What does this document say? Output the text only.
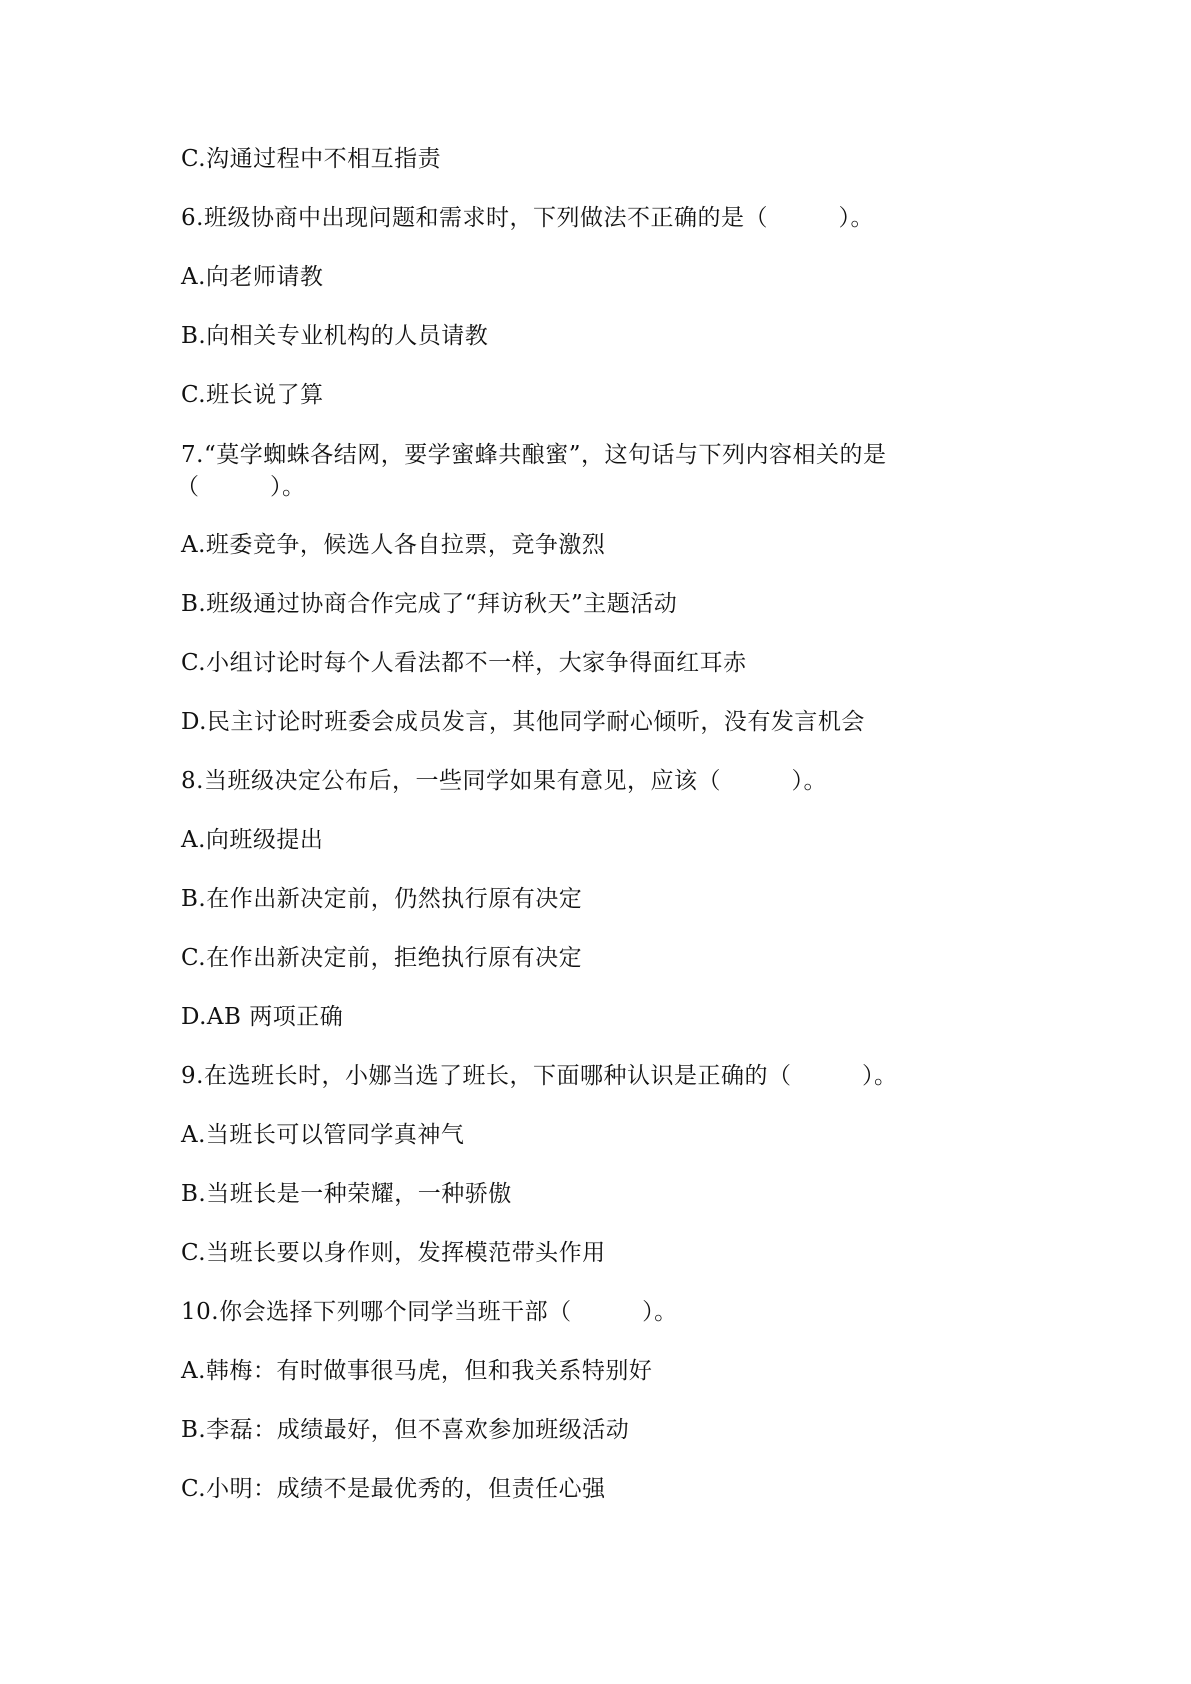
C.沟通过程中不相互指责
6.班级协商中出现问题和需求时，下列做法不正确的是（　　　）。
A.向老师请教
B.向相关专业机构的人员请教
C.班长说了算
7.“莫学蜘蛛各结网，要学蜜蜂共酿蜜”，这句话与下列内容相关的是
（　　　）。
A.班委竞争，候选人各自拉票，竞争激烈
B.班级通过协商合作完成了“拜访秋天”主题活动
C.小组讨论时每个人看法都不一样，大家争得面红耳赤
D.民主讨论时班委会成员发言，其他同学耐心倾听，没有发言机会
8.当班级决定公布后，一些同学如果有意见，应该（　　　）。
A.向班级提出
B.在作出新决定前，仍然执行原有决定
C.在作出新决定前，拒绝执行原有决定
D.AB 两项正确
9.在选班长时，小娜当选了班长，下面哪种认识是正确的（　　　）。
A.当班长可以管同学真神气
B.当班长是一种荣耀，一种骄傲
C.当班长要以身作则，发挥模范带头作用
10.你会选择下列哪个同学当班干部（　　　）。
A.韩梅：有时做事很马虎，但和我关系特别好
B.李磊：成绩最好，但不喜欢参加班级活动
C.小明：成绩不是最优秀的，但责任心强
